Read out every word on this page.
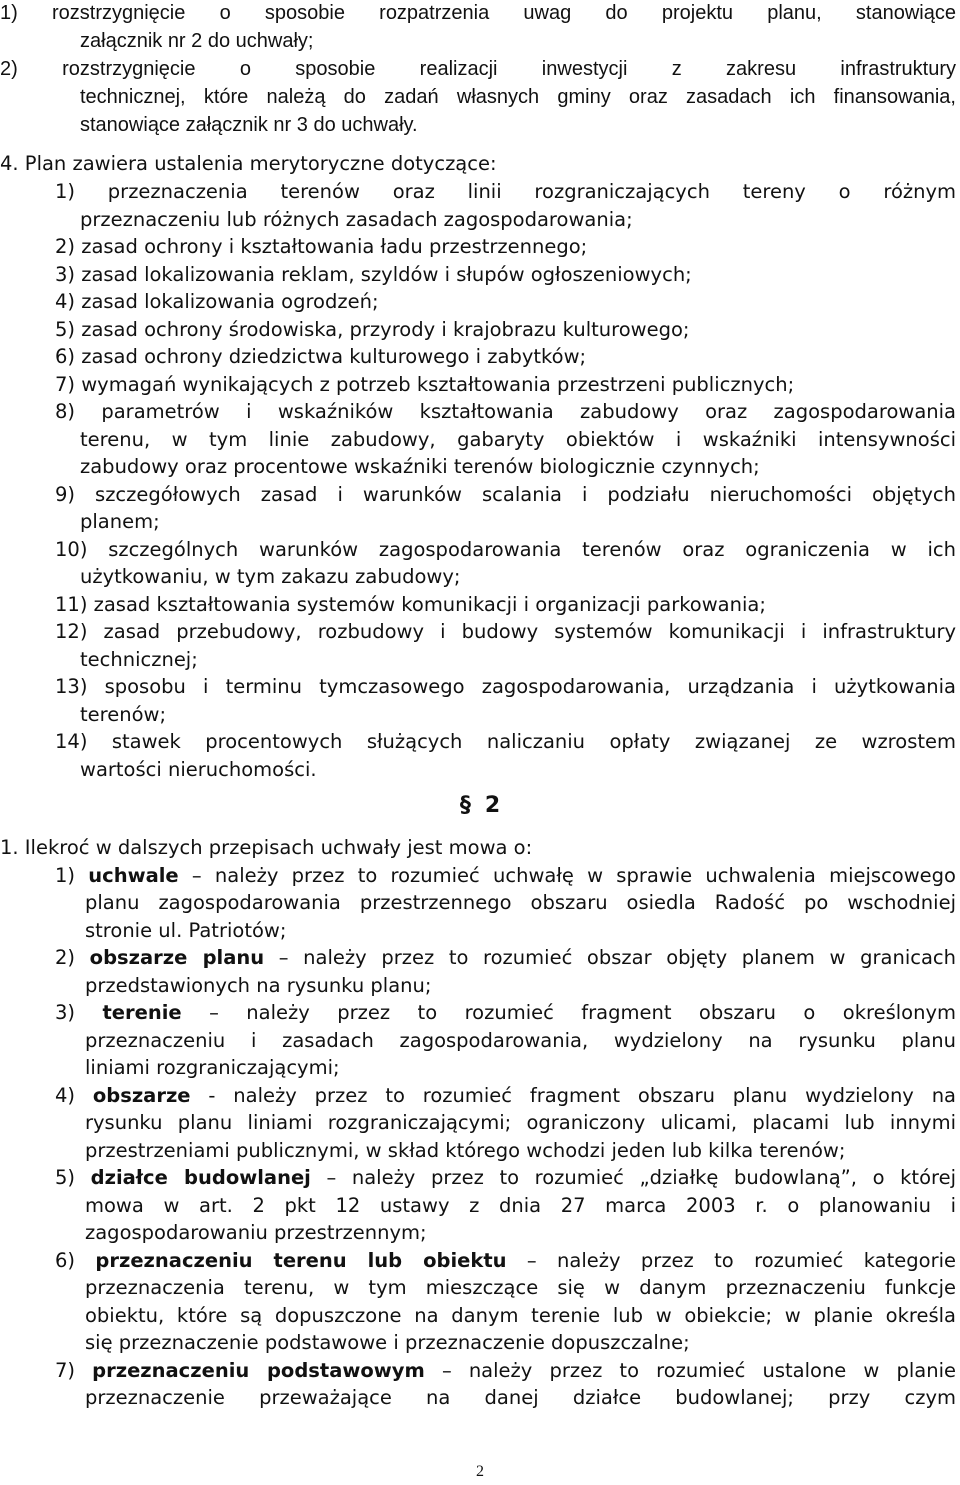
1) rozstrzygnięcie o sposobie rozpatrzenia uwag do projektu planu, stanowiące
załącznik nr 2 do uchwały;
2) rozstrzygnięcie o sposobie realizacji inwestycji z zakresu infrastruktury
technicznej, które należą do zadań własnych gminy oraz zasadach ich finansowania,
stanowiące załącznik nr 3 do uchwały.
4. Plan zawiera ustalenia merytoryczne dotyczące:
1) przeznaczenia terenów oraz linii rozgraniczających tereny o różnym
przeznaczeniu lub różnych zasadach zagospodarowania;
2) zasad ochrony i kształtowania ładu przestrzennego;
3) zasad lokalizowania reklam, szyldów i słupów ogłoszeniowych;
4) zasad lokalizowania ogrodzeń;
5) zasad ochrony środowiska, przyrody i krajobrazu kulturowego;
6) zasad ochrony dziedzictwa kulturowego i zabytków;
7) wymagań wynikających z potrzeb kształtowania przestrzeni publicznych;
8) parametrów i wskaźników kształtowania zabudowy oraz zagospodarowania
terenu, w tym linie zabudowy, gabaryty obiektów i wskaźniki intensywności
zabudowy oraz procentowe wskaźniki terenów biologicznie czynnych;
9) szczegółowych zasad i warunków scalania i podziału nieruchomości objętych
planem;
10) szczególnych warunków zagospodarowania terenów oraz ograniczenia w ich
użytkowaniu, w tym zakazu zabudowy;
11) zasad kształtowania systemów komunikacji i organizacji parkowania;
12) zasad przebudowy, rozbudowy i budowy systemów komunikacji i infrastruktury
technicznej;
13) sposobu i terminu tymczasowego zagospodarowania, urządzania i użytkowania
terenów;
14) stawek procentowych służących naliczaniu opłaty związanej ze wzrostem
wartości nieruchomości.
§ 2
1. Ilekroć w dalszych przepisach uchwały jest mowa o:
1) uchwale – należy przez to rozumieć uchwałę w sprawie uchwalenia miejscowego
planu zagospodarowania przestrzennego obszaru osiedla Radość po wschodniej
stronie ul. Patriotów;
2) obszarze planu – należy przez to rozumieć obszar objęty planem w granicach
przedstawionych na rysunku planu;
3) terenie – należy przez to rozumieć fragment obszaru o określonym
przeznaczeniu i zasadach zagospodarowania, wydzielony na rysunku planu
liniami rozgraniczającymi;
4) obszarze - należy przez to rozumieć fragment obszaru planu wydzielony na
rysunku planu liniami rozgraniczającymi; ograniczony ulicami, placami lub innymi
przestrzeniami publicznymi, w skład którego wchodzi jeden lub kilka terenów;
5) działce budowlanej – należy przez to rozumieć „działkę budowlaną”, o której
mowa w art. 2 pkt 12 ustawy z dnia 27 marca 2003 r. o planowaniu i
zagospodarowaniu przestrzennym;
6) przeznaczeniu terenu lub obiektu – należy przez to rozumieć kategorie
przeznaczenia terenu, w tym mieszczące się w danym przeznaczeniu funkcje
obiektu, które są dopuszczone na danym terenie lub w obiekcie; w planie określa
się przeznaczenie podstawowe i przeznaczenie dopuszczalne;
7) przeznaczeniu podstawowym – należy przez to rozumieć ustalone w planie
przeznaczenie przeważające na danej działce budowlanej; przy czym
2
